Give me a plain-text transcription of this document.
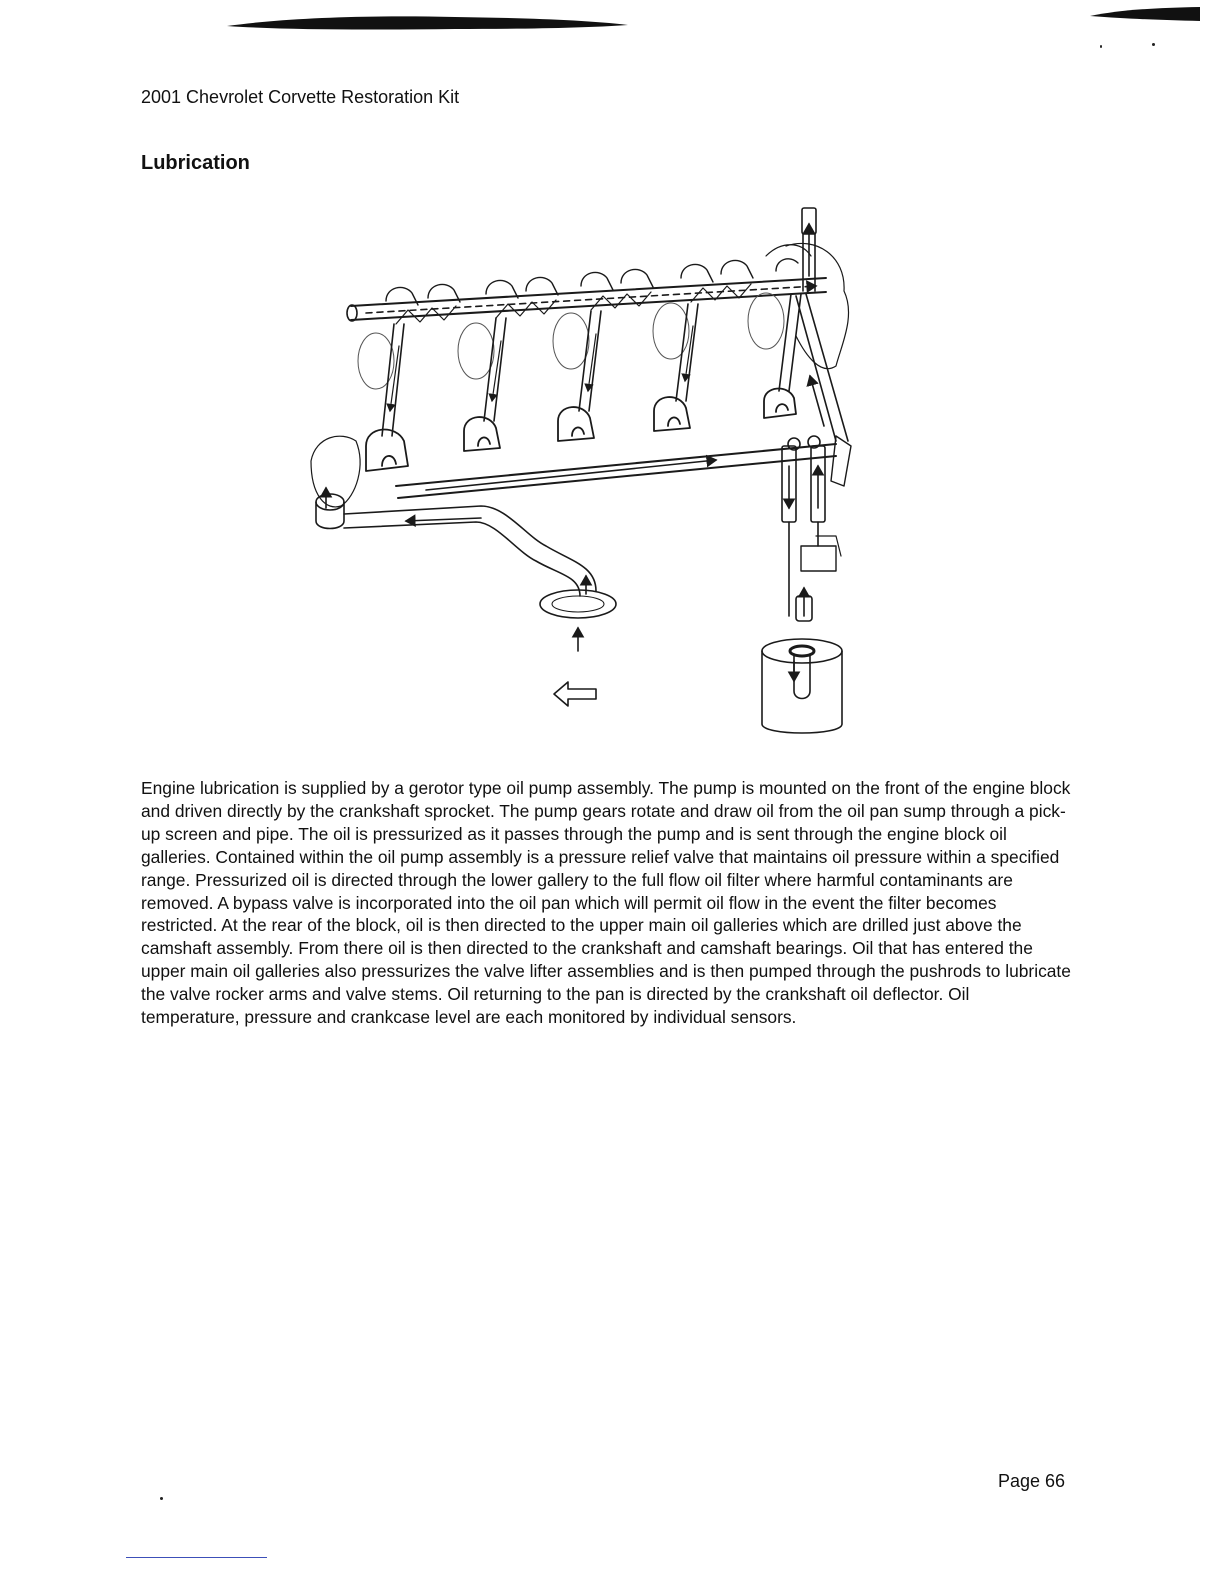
2001 Chevrolet Corvette Restoration Kit
Lubrication

Engine lubrication is supplied by a gerotor type oil pump assembly. The pump is mounted on the front of the engine block and driven directly by the crankshaft sprocket. The pump gears rotate and draw oil from the oil pan sump through a pick-up screen and pipe. The oil is pressurized as it passes through the pump and is sent through the engine block oil galleries. Contained within the oil pump assembly is a pressure relief valve that maintains oil pressure within a specified range. Pressurized oil is directed through the lower gallery to the full flow oil filter where harmful contaminants are removed. A bypass valve is incorporated into the oil pan which will permit oil flow in the event the filter becomes restricted. At the rear of the block, oil is then directed to the upper main oil galleries which are drilled just above the camshaft assembly. From there oil is then directed to the crankshaft and camshaft bearings. Oil that has entered the upper main oil galleries also pressurizes the valve lifter assemblies and is then pumped through the pushrods to lubricate the valve rocker arms and valve stems. Oil returning to the pan is directed by the crankshaft oil deflector. Oil temperature, pressure and crankcase level are each monitored by individual sensors.

Page 66
